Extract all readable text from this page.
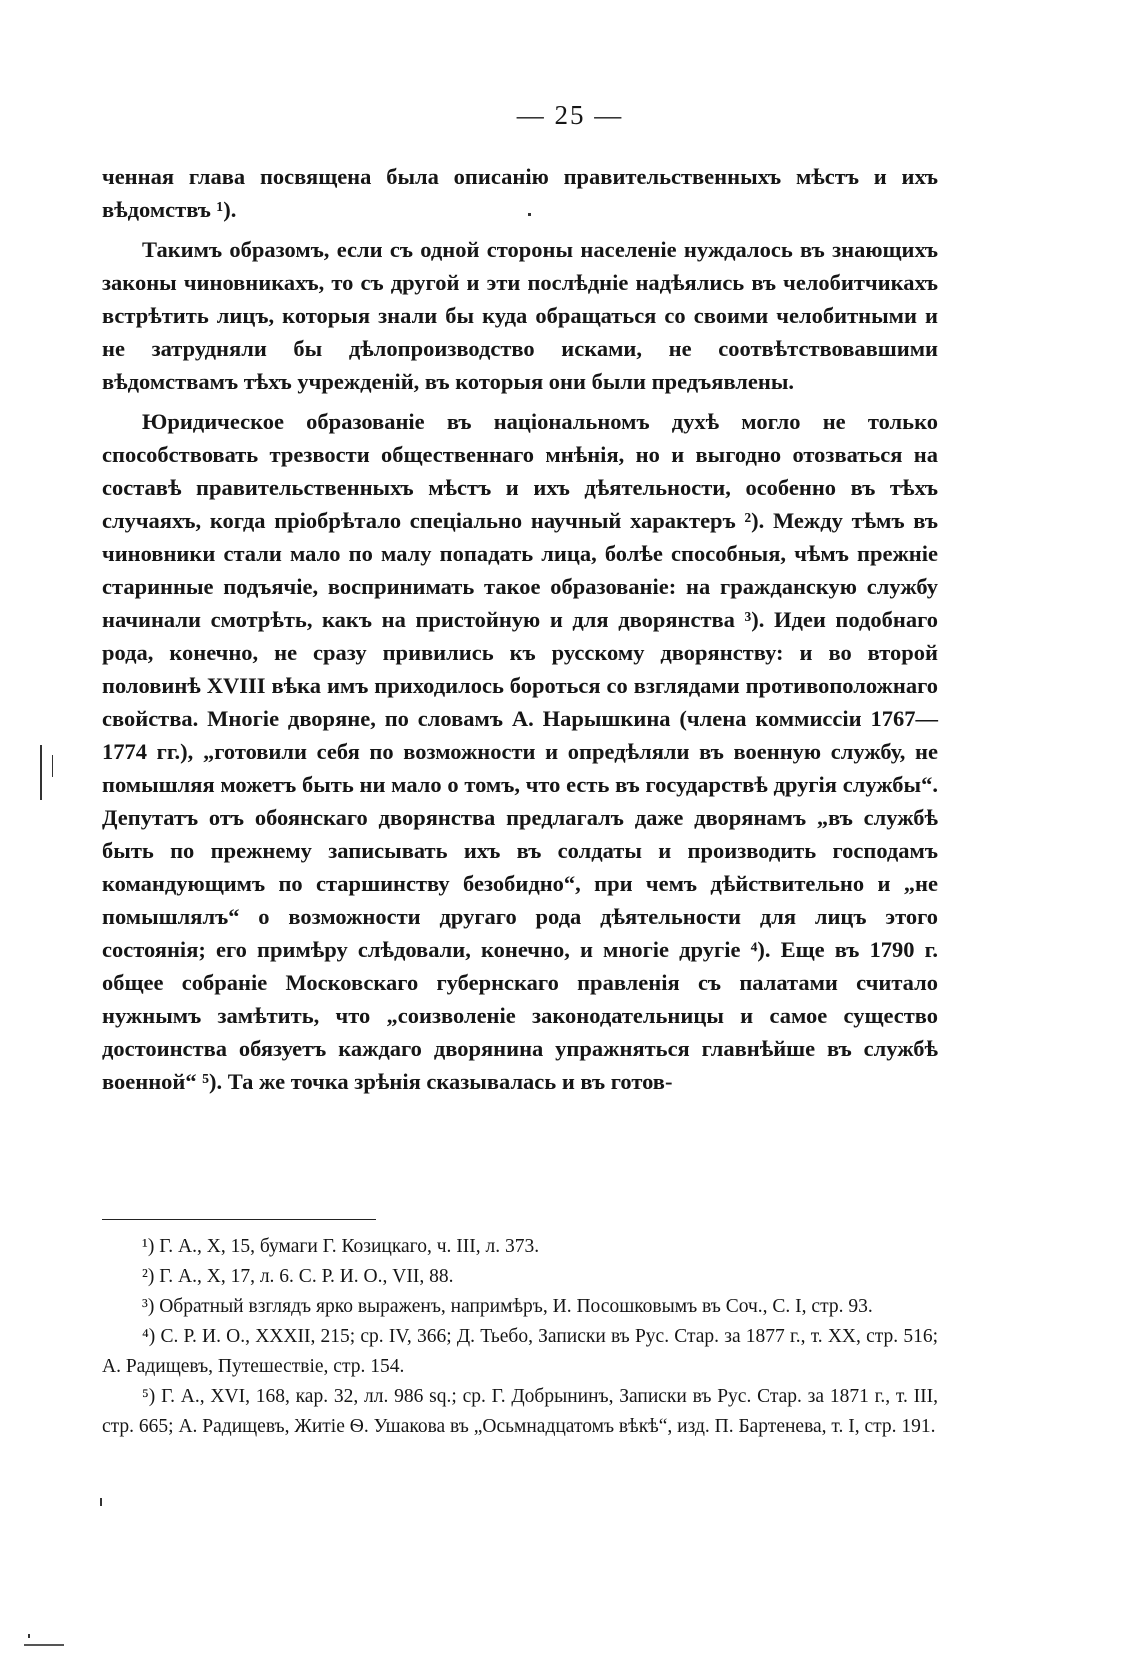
— 25 —

ченная глава посвящена была описанію правительственныхъ мѣстъ и ихъ вѣдомствъ ¹).

Такимъ образомъ, если съ одной стороны населеніе нуждалось въ знающихъ законы чиновникахъ, то съ другой и эти послѣдніе надѣялись въ челобитчикахъ встрѣтить лицъ, которыя знали бы куда обращаться со своими челобитными и не затрудняли бы дѣлопроизводство исками, не соотвѣтствовавшими вѣдомствамъ тѣхъ учрежденій, въ которыя они были предъявлены.

Юридическое образованіе въ національномъ духѣ могло не только способствовать трезвости общественнаго мнѣнія, но и выгодно отозваться на составѣ правительственныхъ мѣстъ и ихъ дѣятельности, особенно въ тѣхъ случаяхъ, когда пріобрѣтало спеціально научный характеръ ²). Между тѣмъ въ чиновники стали мало по малу попадать лица, болѣе способныя, чѣмъ прежніе старинные подъячіе, воспринимать такое образованіе: на гражданскую службу начинали смотрѣть, какъ на пристойную и для дворянства ³). Идеи подобнаго рода, конечно, не сразу привились къ русскому дворянству: и во второй половинѣ XVIII вѣка имъ приходилось бороться со взглядами противоположнаго свойства. Многіе дворяне, по словамъ А. Нарышкина (члена коммиссіи 1767—1774 гг.), „готовили себя по возможности и опредѣляли въ военную службу, не помышляя можетъ быть ни мало о томъ, что есть въ государствѣ другія службы“. Депутатъ отъ обоянскаго дворянства предлагалъ даже дворянамъ „въ службѣ быть по прежнему записывать ихъ въ солдаты и производить господамъ командующимъ по старшинству безобидно“, при чемъ дѣйствительно и „не помышлялъ“ о возможности другаго рода дѣятельности для лицъ этого состоянія; его примѣру слѣдовали, конечно, и многіе другіе ⁴). Еще въ 1790 г. общее собраніе Московскаго губернскаго правленія съ палатами считало нужнымъ замѣтить, что „соизволеніе законодательницы и самое существо достоинства обязуетъ каждаго дворянина упражняться главнѣйше въ службѣ военной“ ⁵). Та же точка зрѣнія сказывалась и въ готов-

¹) Г. А., X, 15, бумаги Г. Козицкаго, ч. III, л. 373.

²) Г. А., X, 17, л. 6. С. Р. И. О., VII, 88.

³) Обратный взглядъ ярко выраженъ, напримѣръ, И. Посошковымъ въ Соч., С. I, стр. 93.

⁴) С. Р. И. О., XXXII, 215; ср. IV, 366; Д. Тьебо, Записки въ Рус. Стар. за 1877 г., т. XX, стр. 516; А. Радищевъ, Путешествіе, стр. 154.

⁵) Г. А., XVI, 168, кар. 32, лл. 986 sq.; ср. Г. Добрынинъ, Записки въ Рус. Стар. за 1871 г., т. III, стр. 665; А. Радищевъ, Житіе Ѳ. Ушакова въ „Осьмнадцатомъ вѣкѣ“, изд. П. Бартенева, т. I, стр. 191.
